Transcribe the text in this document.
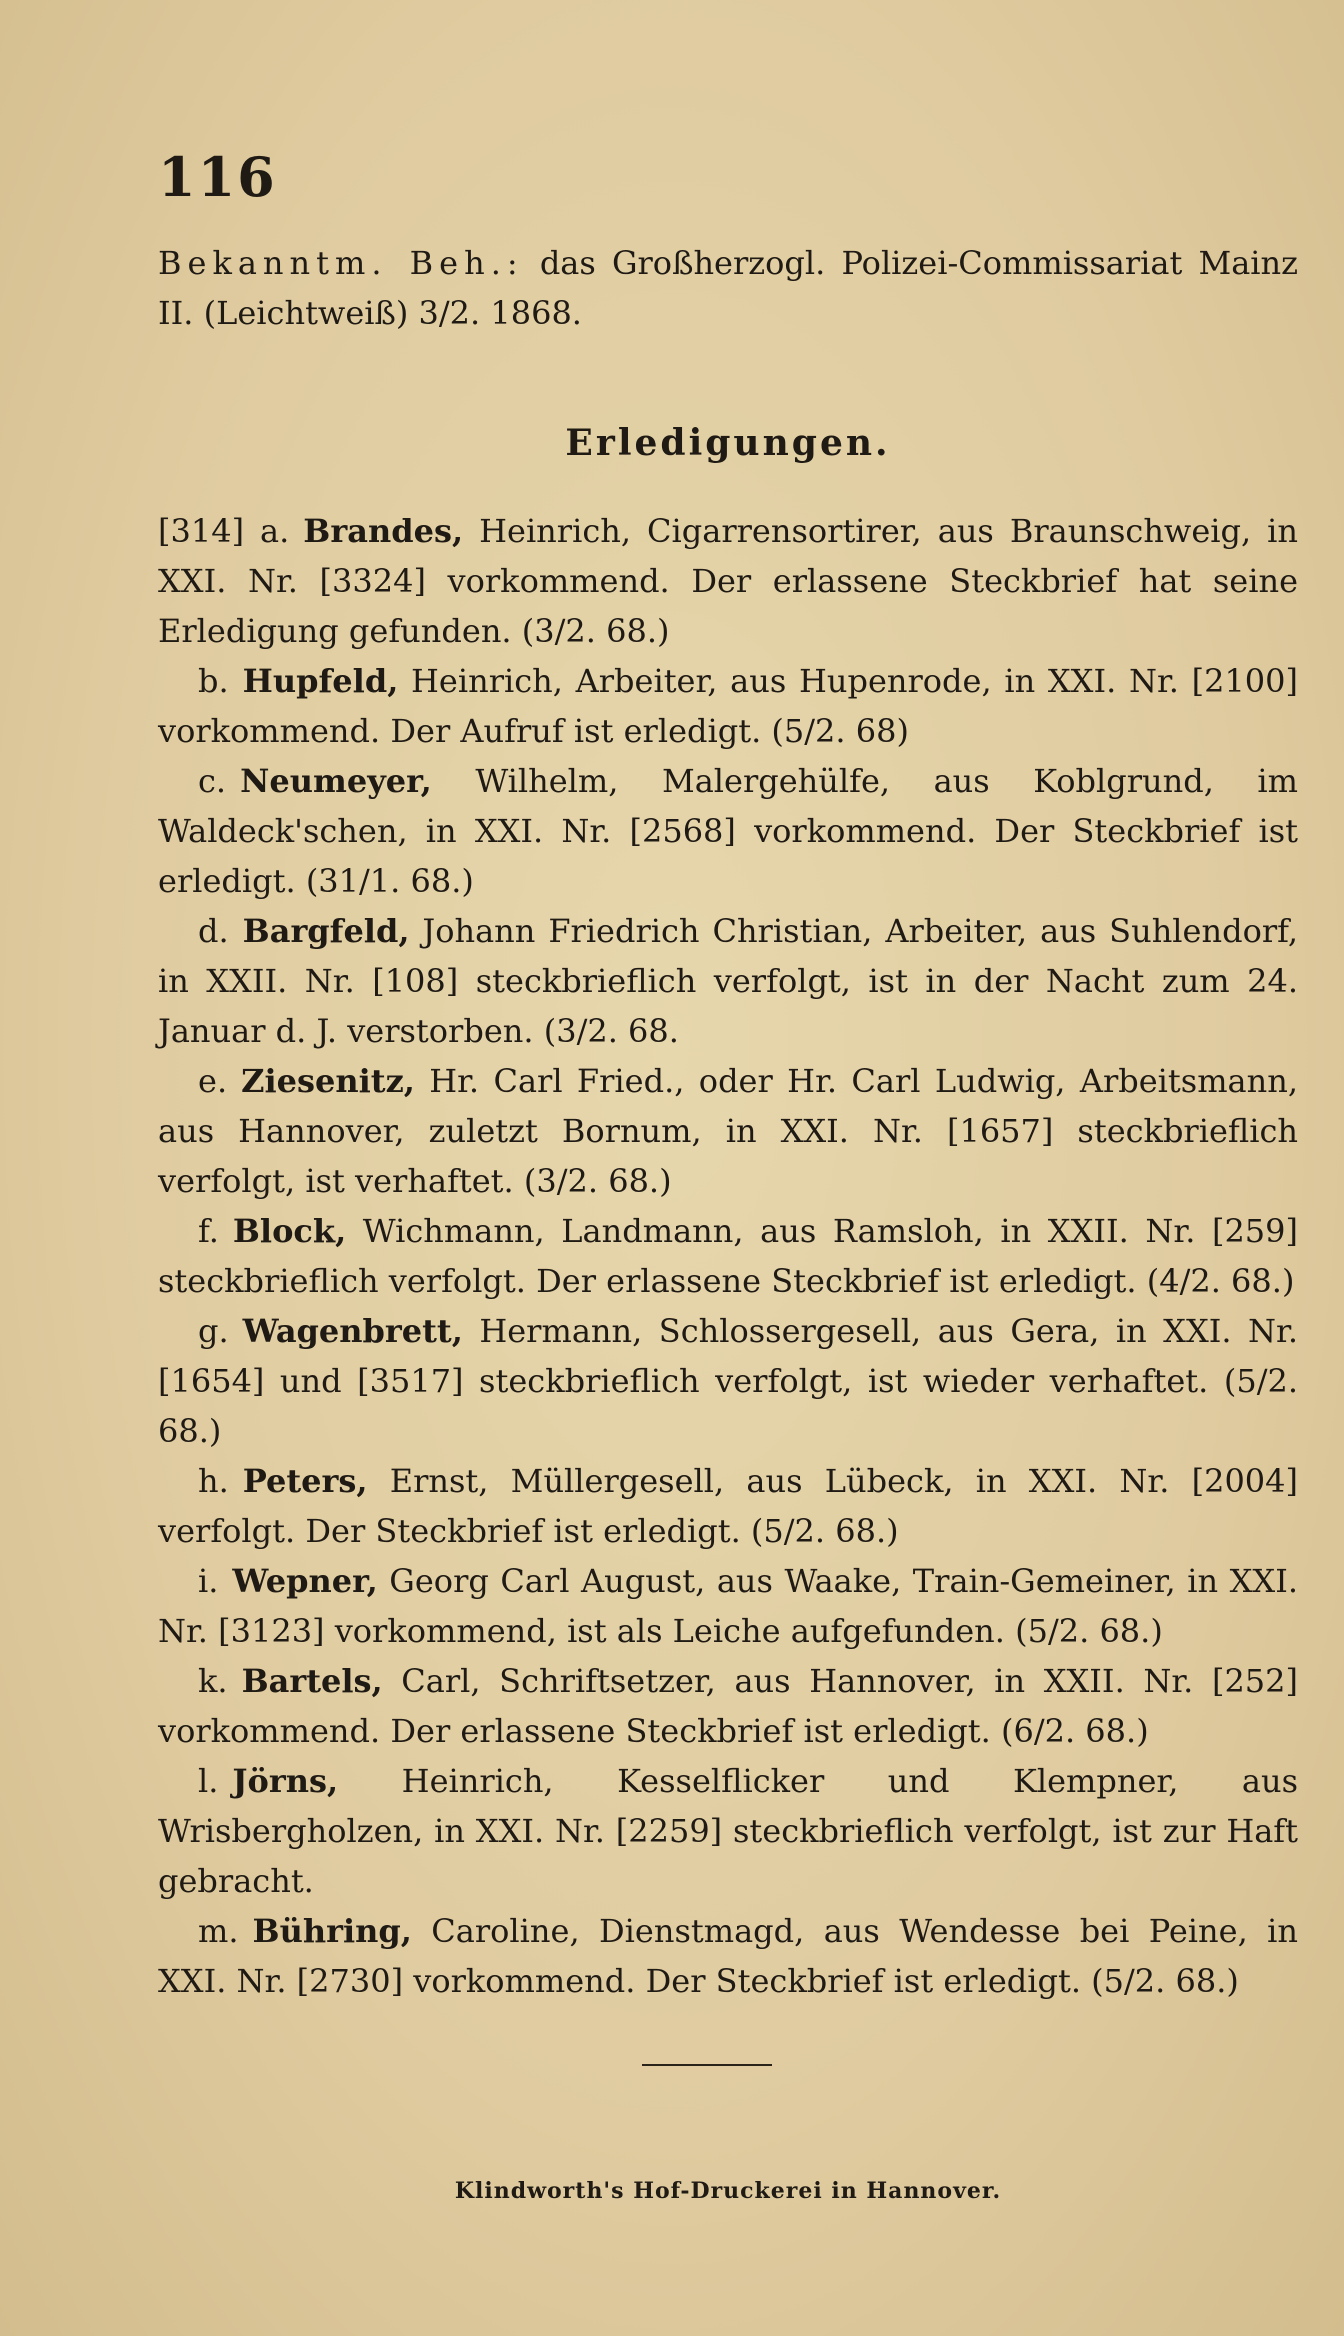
116

Bekanntm. Beh.: das Großherzogl. Polizei-Commissariat Mainz II. (Leichtweiß) 3/2. 1868.

Erledigungen.

[314] a. Brandes, Heinrich, Cigarrensortirer, aus Braunschweig, in XXI. Nr. [3324] vorkommend. Der erlassene Steckbrief hat seine Erledigung gefunden. (3/2. 68.)

b. Hupfeld, Heinrich, Arbeiter, aus Hupenrode, in XXI. Nr. [2100] vorkommend. Der Aufruf ist erledigt. (5/2. 68)

c. Neumeyer, Wilhelm, Malergehülfe, aus Koblgrund, im Waldeck'schen, in XXI. Nr. [2568] vorkommend. Der Steckbrief ist erledigt. (31/1. 68.)

d. Bargfeld, Johann Friedrich Christian, Arbeiter, aus Suhlendorf, in XXII. Nr. [108] steckbrieflich verfolgt, ist in der Nacht zum 24. Januar d. J. verstorben. (3/2. 68.

e. Ziesenitz, Hr. Carl Fried., oder Hr. Carl Ludwig, Arbeitsmann, aus Hannover, zuletzt Bornum, in XXI. Nr. [1657] steckbrieflich verfolgt, ist verhaftet. (3/2. 68.)

f. Block, Wichmann, Landmann, aus Ramsloh, in XXII. Nr. [259] steckbrieflich verfolgt. Der erlassene Steckbrief ist erledigt. (4/2. 68.)

g. Wagenbrett, Hermann, Schlossergesell, aus Gera, in XXI. Nr. [1654] und [3517] steckbrieflich verfolgt, ist wieder verhaftet. (5/2. 68.)

h. Peters, Ernst, Müllergesell, aus Lübeck, in XXI. Nr. [2004] verfolgt. Der Steckbrief ist erledigt. (5/2. 68.)

i. Wepner, Georg Carl August, aus Waake, Train-Gemeiner, in XXI. Nr. [3123] vorkommend, ist als Leiche aufgefunden. (5/2. 68.)

k. Bartels, Carl, Schriftsetzer, aus Hannover, in XXII. Nr. [252] vorkommend. Der erlassene Steckbrief ist erledigt. (6/2. 68.)

l. Jörns, Heinrich, Kesselflicker und Klempner, aus Wrisbergholzen, in XXI. Nr. [2259] steckbrieflich verfolgt, ist zur Haft gebracht.

m. Bühring, Caroline, Dienstmagd, aus Wendesse bei Peine, in XXI. Nr. [2730] vorkommend. Der Steckbrief ist erledigt. (5/2. 68.)

Klindworth's Hof-Druckerei in Hannover.
